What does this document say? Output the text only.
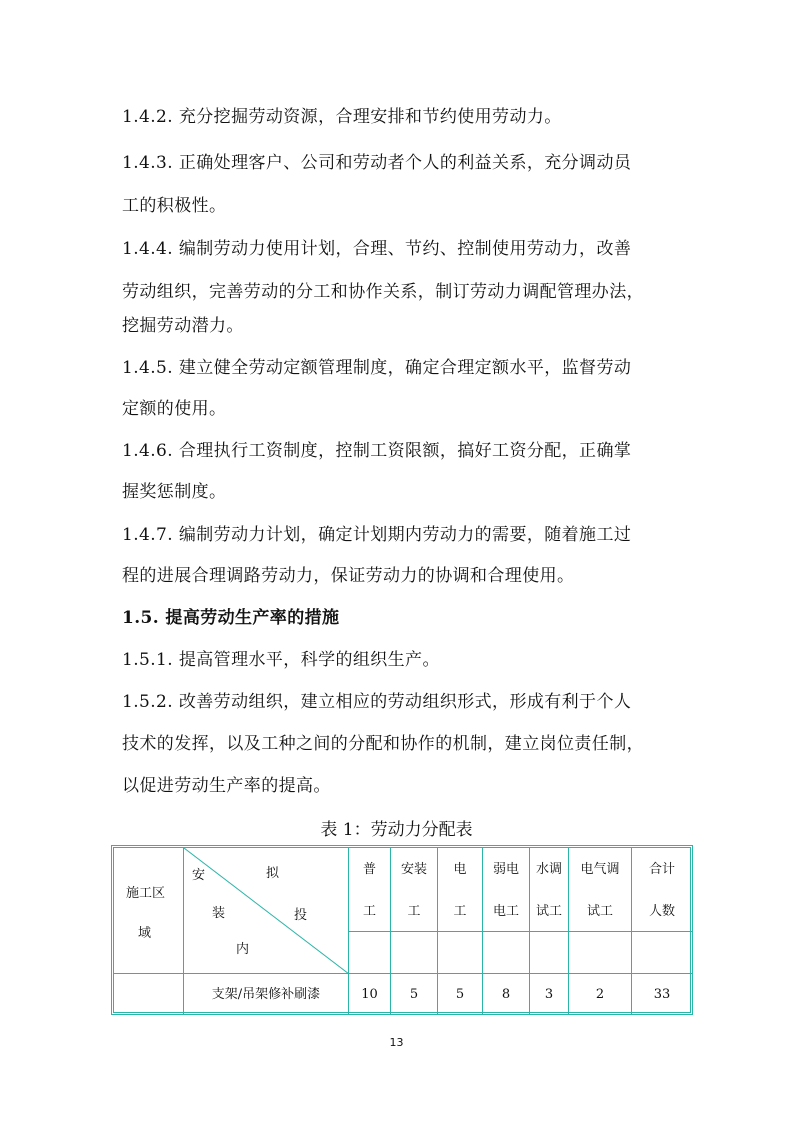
1.4.2. 充分挖掘劳动资源，合理安排和节约使用劳动力。
1.4.3. 正确处理客户、公司和劳动者个人的利益关系，充分调动员
工的积极性。
1.4.4. 编制劳动力使用计划，合理、节约、控制使用劳动力，改善
劳动组织，完善劳动的分工和协作关系，制订劳动力调配管理办法，
挖掘劳动潜力。
1.4.5. 建立健全劳动定额管理制度，确定合理定额水平，监督劳动
定额的使用。
1.4.6. 合理执行工资制度，控制工资限额，搞好工资分配，正确掌
握奖惩制度。
1.4.7. 编制劳动力计划，确定计划期内劳动力的需要，随着施工过
程的进展合理调路劳动力，保证劳动力的协调和合理使用。
1.5. 提高劳动生产率的措施
1.5.1. 提高管理水平，科学的组织生产。
1.5.2. 改善劳动组织，建立相应的劳动组织形式，形成有利于个人
技术的发挥，以及工种之间的分配和协作的机制，建立岗位责任制，
以促进劳动生产率的提高。
表 1：劳动力分配表
施工区
域
安	拟
装	投
内
普
工
10
安装
工
5
电
工
5
弱电
电工
8
水调
试工
3
电气调
试工
2
合计
人数
33
支架/吊架修补刷漆
13
